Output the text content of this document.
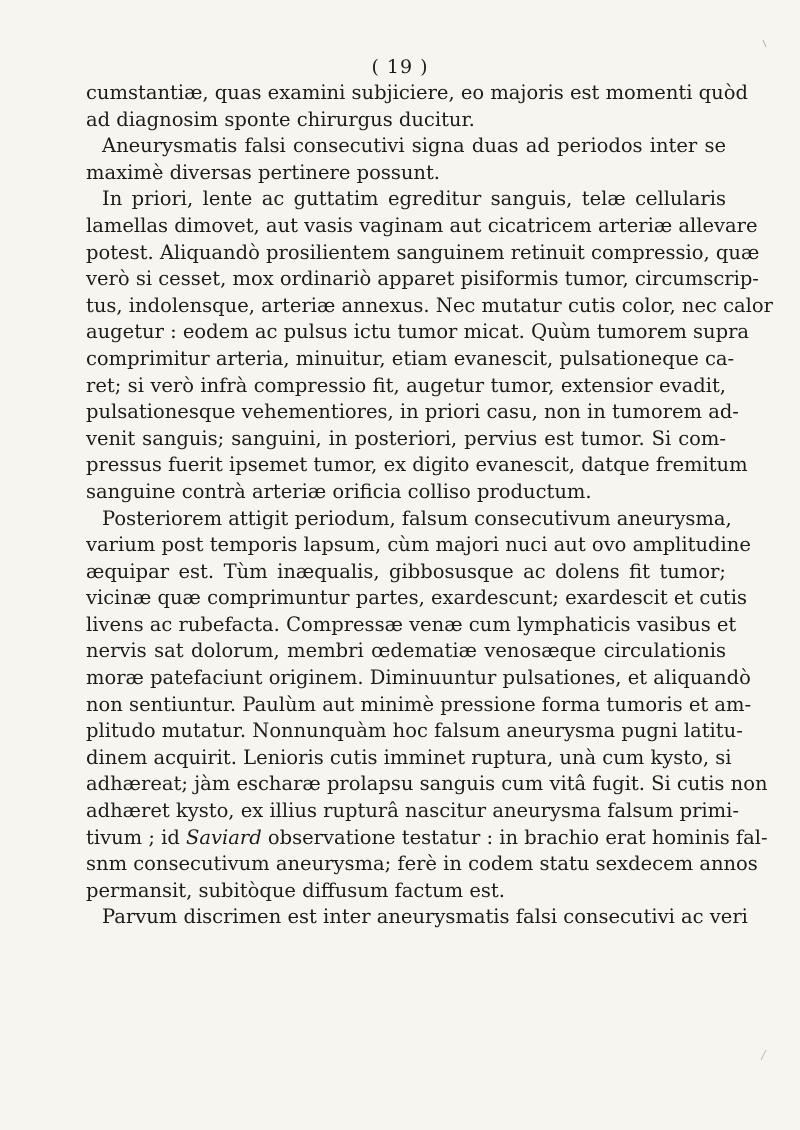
( 19 )
cumstantiæ, quas examini subjiciere, eo majoris est momenti quòd
ad diagnosim sponte chirurgus ducitur.
Aneurysmatis falsi consecutivi signa duas ad periodos inter se
maximè diversas pertinere possunt.
In priori, lente ac guttatim egreditur sanguis, telæ cellularis
lamellas dimovet, aut vasis vaginam aut cicatricem arteriæ allevare
potest. Aliquandò prosilientem sanguinem retinuit compressio, quæ
verò si cesset, mox ordinariò apparet pisiformis tumor, circumscrip-
tus, indolensque, arteriæ annexus. Nec mutatur cutis color, nec calor
augetur : eodem ac pulsus ictu tumor micat. Quùm tumorem supra
comprimitur arteria, minuitur, etiam evanescit, pulsationeque ca-
ret; si verò infrà compressio fit, augetur tumor, extensior evadit,
pulsationesque vehementiores, in priori casu, non in tumorem ad-
venit sanguis; sanguini, in posteriori, pervius est tumor. Si com-
pressus fuerit ipsemet tumor, ex digito evanescit, datque fremitum
sanguine contrà arteriæ orificia colliso productum.
Posteriorem attigit periodum, falsum consecutivum aneurysma,
varium post temporis lapsum, cùm majori nuci aut ovo amplitudine
æquipar est. Tùm inæqualis, gibbosusque ac dolens fit tumor;
vicinæ quæ comprimuntur partes, exardescunt; exardescit et cutis
livens ac rubefacta. Compressæ venæ cum lymphaticis vasibus et
nervis sat dolorum, membri œdematiæ venosæque circulationis
moræ patefaciunt originem. Diminuuntur pulsationes, et aliquandò
non sentiuntur. Paulùm aut minimè pressione forma tumoris et am-
plitudo mutatur. Nonnunquàm hoc falsum aneurysma pugni latitu-
dinem acquirit. Lenioris cutis imminet ruptura, unà cum kysto, si
adhæreat; jàm escharæ prolapsu sanguis cum vitâ fugit. Si cutis non
adhæret kysto, ex illius rupturâ nascitur aneurysma falsum primi-
tivum ; id Saviard observatione testatur : in brachio erat hominis fal-
snm consecutivum aneurysma; ferè in codem statu sexdecem annos
permansit, subitòque diffusum factum est.
Parvum discrimen est inter aneurysmatis falsi consecutivi ac veri
